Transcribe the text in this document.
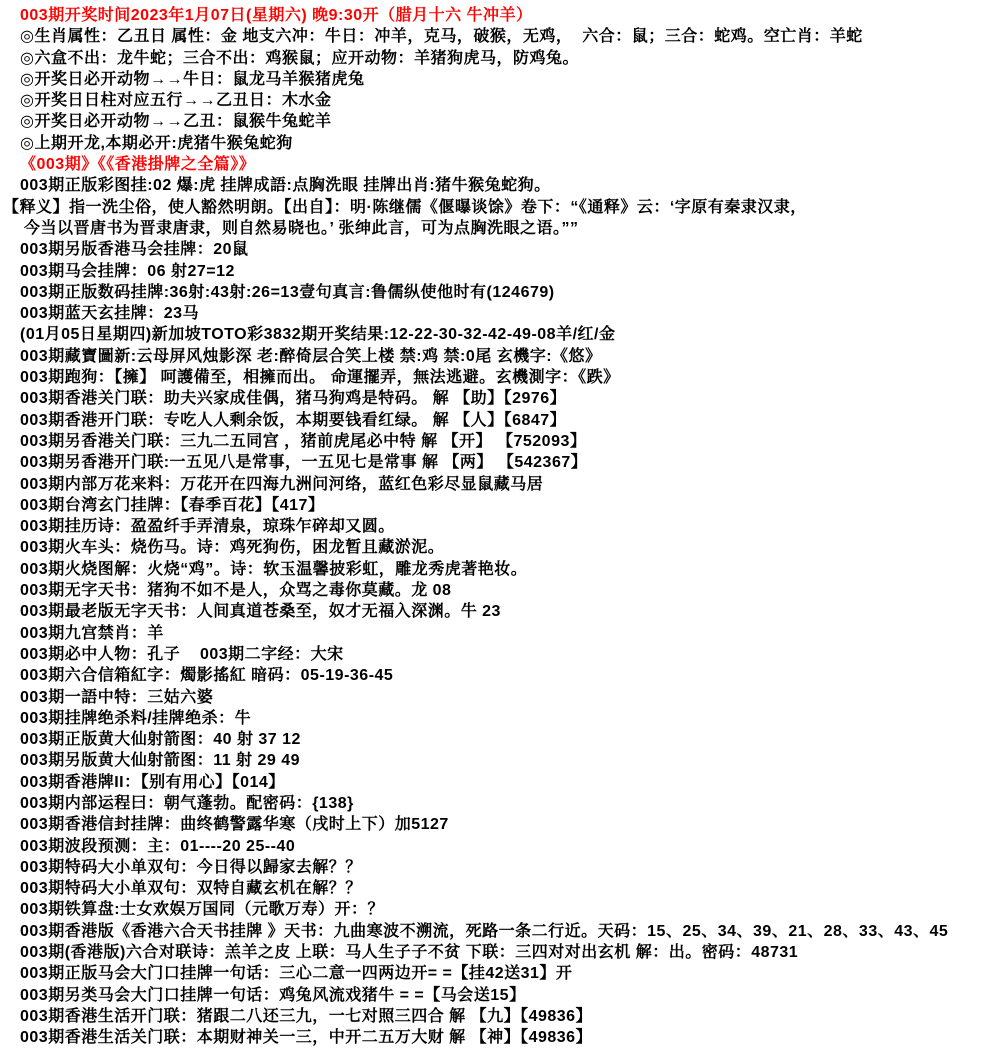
003期开奖时间2023年1月07日(星期六) 晚9:30开（腊月十六 牛冲羊）

◎生肖属性：乙丑日 属性：金 地支六冲：牛日：冲羊，克马，破猴，无鸡，  六合：鼠；三合：蛇鸡。空亡肖：羊蛇

◎六盒不出：龙牛蛇；三合不出：鸡猴鼠；应开动物：羊猪狗虎马，防鸡兔。

◎开奖日必开动物→→牛日：鼠龙马羊猴猪虎兔

◎开奖日日柱对应五行→→乙丑日：木水金

◎开奖日必开动物→→乙丑：鼠猴牛兔蛇羊

◎上期开龙,本期必开:虎猪牛猴兔蛇狗

《003期》《《香港掛牌之全篇》》

003期正版彩图挂:02 爆:虎 挂牌成語:点胸洗眼 挂牌出肖:猪牛猴兔蛇狗。

【释义】指一洗尘俗，使人豁然明朗。【出自】：明·陈继儒《偃曝谈馀》卷下：“《通释》云：‘字原有秦隶汉隶，

今当以晋唐书为晋隶唐隶，则自然易晓也。’ 张绅此言，可为点胸洗眼之语。””

003期另版香港马会挂牌：20鼠

003期马会挂牌：06 射27=12

003期正版数码挂牌:36射:43射:26=13壹句真言:鲁儒纵使他时有(124679)

003期蓝天玄挂牌：23马

(01月05日星期四)新加坡TOTO彩3832期开奖结果:12-22-30-32-42-49-08羊/红/金

003期藏寶圖新:云母屏风烛影深 老:醉倚层合笑上楼 禁:鸡 禁:0尾 玄機字:《悠》

003期跑狗：【擁】 呵護備至，相擁而出。 命運擺弄，無法逃避。玄機測字：《跌》

003期香港关门联：助夫兴家成佳偶，猪马狗鸡是特码。 解 【助】【2976】

003期香港开门联：专吃人人剩余饭，本期要钱看红绿。 解 【人】【6847】

003期另香港关门联：三九二五同宫 ，猪前虎尾必中特 解 【开】 【752093】

003期另香港开门联:一五见八是常事，一五见七是常事 解 【两】 【542367】

003期内部万花来料：万花开在四海九洲问河络，蓝红色彩尽显鼠藏马居

003期台湾玄门挂牌：【春季百花】【417】

003期挂历诗：盈盈纤手弄清泉，琼珠乍碎却又圆。

003期火车头：烧伤马。诗：鸡死狗伤，困龙暂且藏淤泥。

003期火烧图解：火烧“鸡”。诗：软玉温馨披彩虹，雕龙秀虎著艳妆。

003期无字天书：猪狗不如不是人，众骂之毒你莫藏。龙 08

003期最老版无字天书：人间真道苍桑至，奴才无福入深渊。牛 23

003期九宫禁肖：羊

003期必中人物：孔子    003期二字经：大宋

003期六合信箱紅字：燭影搖紅 暗码：05-19-36-45

003期一語中特：三姑六婆

003期挂牌绝杀料/挂牌绝杀：牛

003期正版黄大仙射箭图：40 射 37 12

003期另版黄大仙射箭图：11 射 29 49

003期香港牌II：【别有用心】【014】

003期内部运程曰：朝气蓬勃。配密码：{138}

003期香港信封挂牌：曲终鹤警露华寒（戌时上下）加5127

003期波段预测：主：01----20 25--40

003期特码大小单双句：今日得以歸家去解？？

003期特码大小单双句：双特自藏玄机在解？？

003期铁算盘:士女欢娱万国同（元歌万寿）开：？

003期香港版《香港六合天书挂牌 》天书：九曲寒波不溯流，死路一条二行近。天码：15、25、34、39、21、28、33、43、45

003期(香港版)六合对联诗：羔羊之皮 上联：马人生子子不贫 下联：三四对对出玄机 解：出。密码：48731

003期正版马会大门口挂牌一句话：三心二意一四两边开= =【挂42送31】开

003期另类马会大门口挂牌一句话：鸡兔风流戏猪牛 = =【马会送15】

003期香港生活开门联：猪跟二八还三九，一七对照三四合 解 【九】【49836】

003期香港生活关门联：本期财神关一三，中开二五万大财 解 【神】【49836】
